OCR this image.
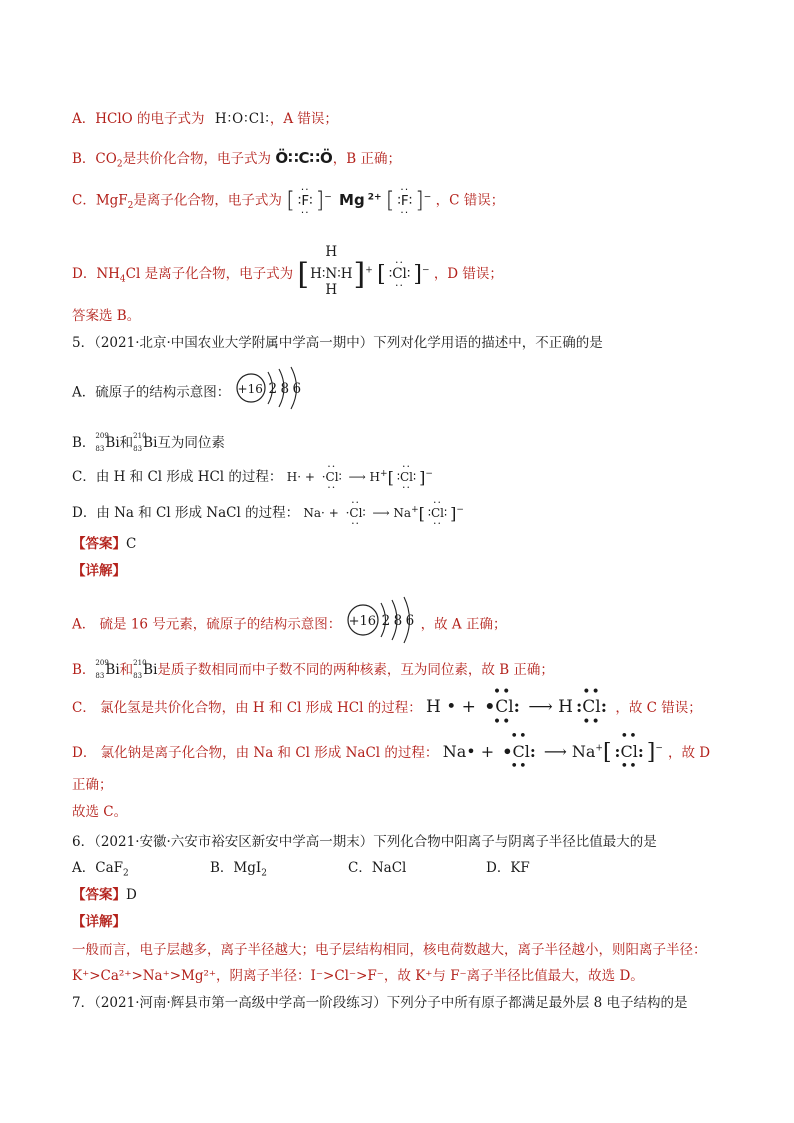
A．HClO 的电子式为 H∶O∶Cl∶，A 错误；
B．$CO_2$是共价化合物，电子式为 Ö∷C∷Ö，B 正确；
C．MgF$_2$是离子化合物，电子式为 [ ∶F
··
··
∶ ]− Mg $^{2+}$ [ ∶F
··
··
∶ ]− ，C 错误；
D．$NH_4Cl$ 是离子化合物，电子式为 [H∶N
H
H
∶H]+ [ ∶Cl
··
··
∶ ]− ，D 错误；
答案选 B。
5．（2021·北京·中国农业大学附属中学高一期中）下列对化学用语的描述中，不正确的是
A．硫原子的结构示意图： +16 2 8 6
B． 209
83 Bi和 210
83 Bi互为同位素
C．由 H 和 Cl 形成 HCl 的过程： H· + ·Cl
··
··
∶ ⟶ H+[ ∶Cl
··
··
∶ ]−
D．由 Na 和 Cl 形成 NaCl 的过程： Na· + ·Cl
··
··
∶ ⟶ Na+[ ∶Cl
··
··
∶ ]−
【答案】C
【详解】
A． 硫是 16 号元素，硫原子的结构示意图： +16 2 8 6 ，故 A 正确；
B． 209
83 Bi和 210
83 Bi是质子数相同而中子数不同的两种核素，互为同位素，故 B 正确；
C． 氯化氢是共价化合物，由 H 和 Cl 形成 HCl 的过程： H • + •Cl
••
••
: ⟶ H :Cl
••
••
: ，故 C 错误；
D． 氯化钠是离子化合物，由 Na 和 Cl 形成 NaCl 的过程： Na• + •Cl
••
••
: ⟶ Na+[ :Cl
••
••
: ]− ，故 D
正确；
故选 C。
6．（2021·安徽·六安市裕安区新安中学高一期末）下列化合物中阳离子与阴离子半径比值最大的是
A．CaF$_2$	B．MgI$_2$	C．NaCl	D．KF
【答案】D
【详解】
一般而言，电子层越多，离子半径越大；电子层结构相同，核电荷数越大，离子半径越小，则阳离子半径：
K⁺>Ca²⁺>Na⁺>Mg²⁺，阴离子半径：I⁻>Cl⁻>F⁻，故 K⁺与 F⁻离子半径比值最大，故选 D。
7．（2021·河南·辉县市第一高级中学高一阶段练习）下列分子中所有原子都满足最外层 8 电子结构的是
